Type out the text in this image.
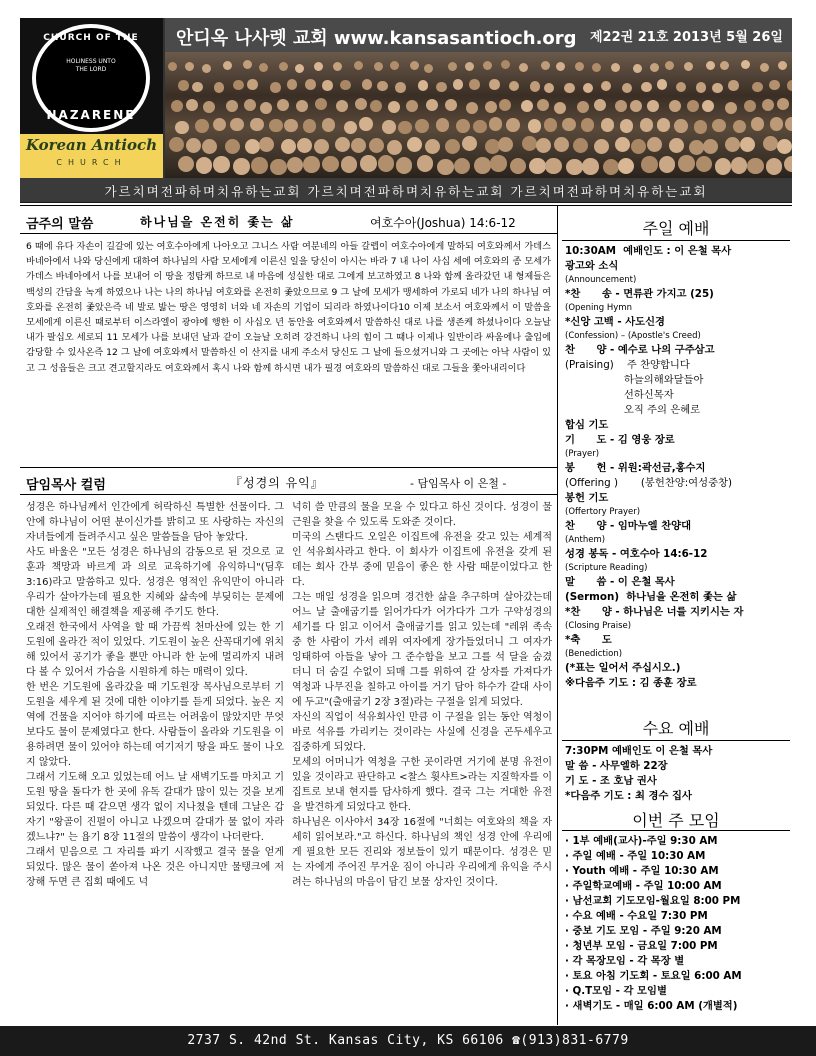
CHURCH OF THE
HOLINESS UNTO THE LORD
NAZARENE
Korean Antioch
CHURCH
안디옥 나사렛 교회 www.kansasantioch.org 제22권 21호 2013년 5월 26일
가르치며전파하며치유하는교회 가르치며전파하며치유하는교회 가르치며전파하며치유하는교회
금주의 말씀	하나님을 온전히 좇는 삶	여호수아(Joshua) 14:6-12
6 때에 유다 자손이 길갈에 있는 여호수아에게 나아오고 그니스 사람 여분네의 아들 갈렙이 여호수아에게 말하되 여호와께서 가데스 바네아에서 나와 당신에게 대하여 하나님의 사람 모세에게 이른신 일을 당신이 아시는 바라 7 내 나이 사십 세에 여호와의 종 모세가 가데스 바네아에서 나를 보내어 이 땅을 정탐케 하므로 내 마음에 성실한 대로 그에게 보고하였고 8 나와 함께 올라갔던 내 형제들은 백성의 간담을 녹게 하였으나 나는 나의 하나님 여호와를 온전히 좇았으므로 9 그 날에 모세가 맹세하여 가로되 네가 나의 하나님 여호와를 온전히 좇았은즉 네 발로 밟는 땅은 영영히 너와 네 자손의 기업이 되리라 하였나이다10 이제 보소서 여호와께서 이 말씀을 모세에게 이른신 때로부터 이스라엘이 광야에 행한 이 사십오 년 동안을 여호와께서 말씀하신 대로 나를 생존케 하셨나이다 오늘날 내가 팔십오 세로되 11 모세가 나를 보내던 날과 같이 오늘날 오히려 강건하니 나의 힘이 그 때나 이제나 일반이라 싸움에나 출입에 감당할 수 있사온즉 12 그 날에 여호와께서 말씀하신 이 산지를 내게 주소서 당신도 그 날에 들으셨거니와 그 곳에는 아낙 사람이 있고 그 성읍들은 크고 견고할지라도 여호와께서 혹시 나와 함께 하시면 내가 필경 여호와의 말씀하신 대로 그들을 쫓아내리이다
담임목사 컬럼	『성경의 유익』	- 담임목사 이 은철 -
성경은 하나님께서 인간에게 허락하신 특별한 선물이다. 그 안에 하나님이 어떤 분이신가를 밝히고 또 사랑하는 자신의 자녀들에게 들려주시고 싶은 말씀들을 담아 놓았다.
사도 바울은 "모든 성경은 하나님의 감동으로 된 것으로 교훈과 책망과 바르게 과 의로 교육하기에 유익하니"(딤후3:16)라고 말씀하고 있다. 성경은 영적인 유익만이 아니라 우리가 살아가는데 필요한 지혜와 삶속에 부딪히는 문제에 대한 실제적인 해결책을 제공해 주기도 한다.
오래전 한국에서 사역을 할 때 가끔씩 천마산에 있는 한 기도원에 올라간 적이 있었다. 기도원이 높은 산꼭대기에 위치해 있어서 공기가 좋을 뿐만 아니라 한 눈에 멀리까지 내려다 볼 수 있어서 가슴을 시원하게 하는 매력이 있다.
한 번은 기도원에 올라갔을 때 기도원장 목사님으로부터 기도원을 세우게 된 것에 대한 이야기를 듣게 되었다. 높은 지역에 건물을 지어야 하기에 따르는 어려움이 많았지만 무엇보다도 물이 문제였다고 한다. 사람들이 올라와 기도원을 이용하려면 물이 있어야 하는데 여기저기 땅을 파도 물이 나오지 않았다.
그래서 기도해 오고 있었는데 어느 날 새벽기도를 마치고 기도원 땅을 돌다가 한 곳에 유독 갈대가 많이 있는 것을 보게 되었다. 다른 때 같으면 생각 없이 지나쳤을 텐데 그날은 갑자기 "왕골이 진펄이 아니고 나겠으며 갈대가 물 없이 자라겠느냐?" 는 욥기 8장 11절의 말씀이 생각이 나더란다.
그래서 믿음으로 그 자리를 파기 시작했고 결국 물을 얻게 되었다. 많은 물이 쏟아져 나온 것은 아니지만 물탱크에 저장해 두면 큰 집회 때에도 넉
넉히 쓸 만큼의 물을 모을 수 있다고 하신 것이다. 성경이 물 근원을 찾을 수 있도록 도와준 것이다.
미국의 스탠다드 오일은 이집트에 유전을 갖고 있는 세계적인 석유회사라고 한다. 이 회사가 이집트에 유전을 갖게 된 데는 회사 간부 중에 믿음이 좋은 한 사람 때문이었다고 한다.
그는 매일 성경을 읽으며 경건한 삶을 추구하며 살아갔는데 어느 날 출애굽기를 읽어가다가 어가다가 그가 구약성경의 세기를 다 읽고 이어서 출애굽기를 읽고 있는데 "레위 족속 중 한 사람이 가서 레위 여자에게 장가들었더니 그 여자가 잉태하여 아들을 낳아 그 준수함을 보고 그를 석 달을 숨겼더니 더 숨길 수없이 되매 그를 위하여 갈 상자를 가져다가 역청과 나무진을 칠하고 아이를 거기 담아 하수가 갈대 사이에 두고"(출애굽기 2장 3절)라는 구절을 읽게 되었다.
자신의 직업이 석유회사인 만큼 이 구절을 읽는 동안 역청이 바로 석유를 가리키는 것이라는 사실에 신경을 곤두세우고 집중하게 되었다.
모세의 어머니가 역청을 구한 곳이라면 거기에 분명 유전이 있을 것이라고 판단하고 <찰스 휫샤트>라는 지질학자를 이집트로 보내 현지를 답사하게 했다. 결국 그는 거대한 유전을 발견하게 되었다고 한다.
하나님은 이사야서 34장 16절에 "너희는 여호와의 책을 자세히 읽어보라."고 하신다. 하나님의 책인 성경 안에 우리에게 필요한 모든 진리와 정보들이 있기 때문이다. 성경은 믿는 자에게 주어진 무거운 짐이 아니라 우리에게 유익을 주시려는 하나님의 마음이 담긴 보물 상자인 것이다.
주일 예배
10:30AM  예배인도 : 이 은철 목사
광고와 소식
(Announcement)
*찬      송 - 면류관 가지고 (25)
(Opening Hymn
*신앙 고백 - 사도신경
(Confession) – (Apostle's Creed)
찬      양 - 예수로 나의 구주삼고
(Praising)    주 찬양합니다
하늘의해와달들아
선하신목자
오직 주의 은혜로
합심 기도
기      도 - 김 영웅 장로
(Prayer)
봉      헌 - 위원:곽선금,홍수지
(Offering )       (봉헌찬양:여성중창)
봉헌 기도
(Offertory Prayer)
찬      양 - 임마누엘 찬양대
(Anthem)
성경 봉독 - 여호수아 14:6-12
(Scripture Reading)
말      씀 - 이 은철 목사
(Sermon)  하나님을 온전히 좇는 삶
*찬      양 - 하나님은 너를 지키시는 자
(Closing Praise)
*축      도
(Benediction)
(*표는 일어서 주십시오.)
※다음주 기도 : 김 종훈 장로
수요 예배
7:30PM 예배인도 이 은철 목사
말 씀 - 사무엘하 22장
기 도 - 조 호남 권사
*다음주 기도 : 최 경수 집사
이번 주 모임
· 1부 예배(교사)-주일 9:30 AM
· 주일 예배 - 주일 10:30 AM
· Youth 예배 - 주일 10:30 AM
· 주일학교예배 - 주일 10:00 AM
· 남선교회 기도모임-월요일 8:00 PM
· 수요 예배 - 수요일 7:30 PM
· 중보 기도 모임 - 주일 9:20 AM
· 청년부 모임 - 금요일 7:00 PM
· 각 목장모임 - 각 목장 별
· 토요 아침 기도회 - 토요일 6:00 AM
· Q.T모임 - 각 모임별
· 새벽기도 - 매일 6:00 AM (개별적)
2737 S. 42nd St. Kansas City, KS 66106 ☎(913)831-6779
